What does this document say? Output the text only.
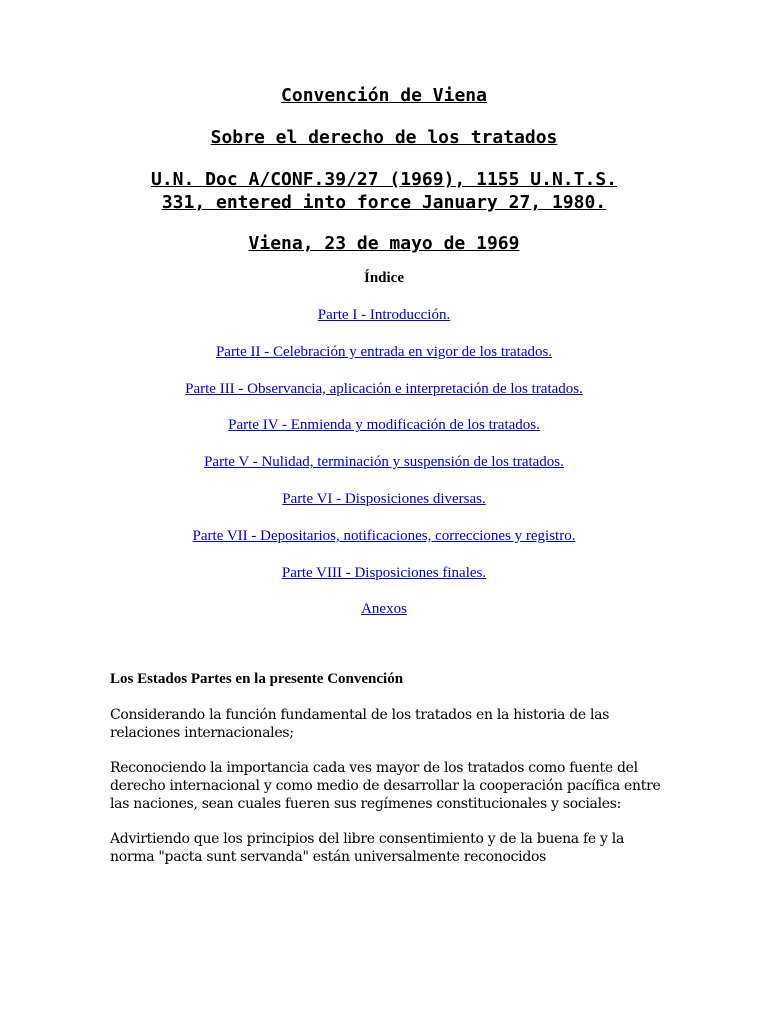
Convención de Viena
Sobre el derecho de los tratados
U.N. Doc A/CONF.39/27 (1969), 1155 U.N.T.S.
331, entered into force January 27, 1980.
Viena, 23 de mayo de 1969
Índice
Parte I - Introducción.
Parte II - Celebración y entrada en vigor de los tratados.
Parte III - Observancia, aplicación e interpretación de los tratados.
Parte IV - Enmienda y modificación de los tratados.
Parte V - Nulidad, terminación y suspensión de los tratados.
Parte VI - Disposiciones diversas.
Parte VII - Depositarios, notificaciones, correcciones y registro.
Parte VIII - Disposiciones finales.
Anexos
Los Estados Partes en la presente Convención
Considerando la función fundamental de los tratados en la historia de las
relaciones internacionales;
Reconociendo la importancia cada ves mayor de los tratados como fuente del
derecho internacional y como medio de desarrollar la cooperación pacífica entre
las naciones, sean cuales fueren sus regímenes constitucionales y sociales:
Advirtiendo que los principios del libre consentimiento y de la buena fe y la
norma "pacta sunt servanda" están universalmente reconocidos
